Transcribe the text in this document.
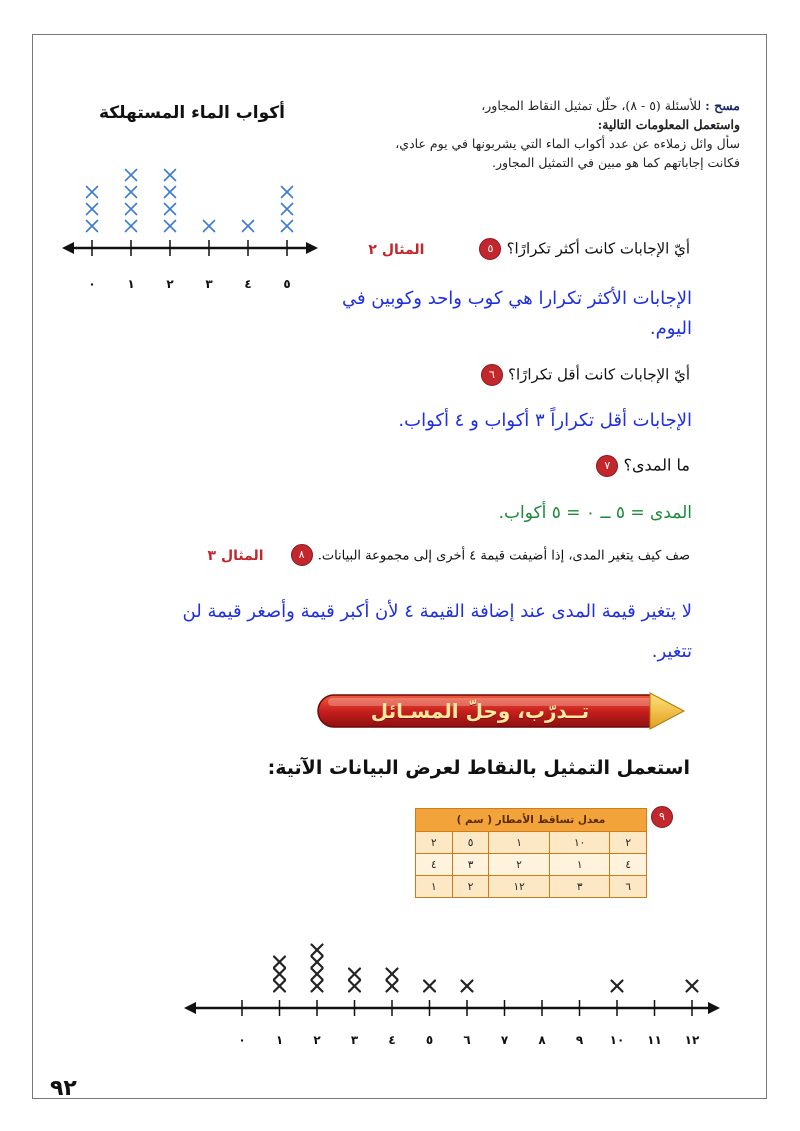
مسح : للأسئلة (٥ - ٨)، حلّل تمثيل النقاط المجاور،
واستعمل المعلومات التالية:
سأل وائل زملاءه عن عدد أكواب الماء التي يشربونها في يوم عادي،
فكانت إجاباتهم كما هو مبين في التمثيل المجاور.
أكواب الماء المستهلكة
٠	١	٢	٣	٤	٥
أيّ الإجابات كانت أكثر تكرارًا؟ ٥ المثال ٢
الإجابات الأكثر تكرارا هي كوب واحد وكوبين في اليوم.
أيّ الإجابات كانت أقل تكرارًا؟ ٦
الإجابات أقل تكراراً ٣ أكواب و ٤ أكواب.
ما المدى؟ ٧
المدى = ٥ ــ ٠ = ٥ أكواب.
صف كيف يتغير المدى، إذا أضيفت قيمة ٤ أخرى إلى مجموعة البيانات. ٨ المثال ٣
لا يتغير قيمة المدى عند إضافة القيمة ٤ لأن أكبر قيمة وأصغر قيمة لن تتغير.
تــدرّب، وحلّ المسـائل
استعمل التمثيل بالنقاط لعرض البيانات الآتية:
٩
معدل تساقط الأمطار ( سم )				
٢	١٠	١	٥	٢
٤	١	٢	٣	٤
٦	٣	١٢	٢	١
٠	١	٢	٣	٤	٥	٦	٧	٨	٩ ١٠ ١١ ١٢
٩٢
